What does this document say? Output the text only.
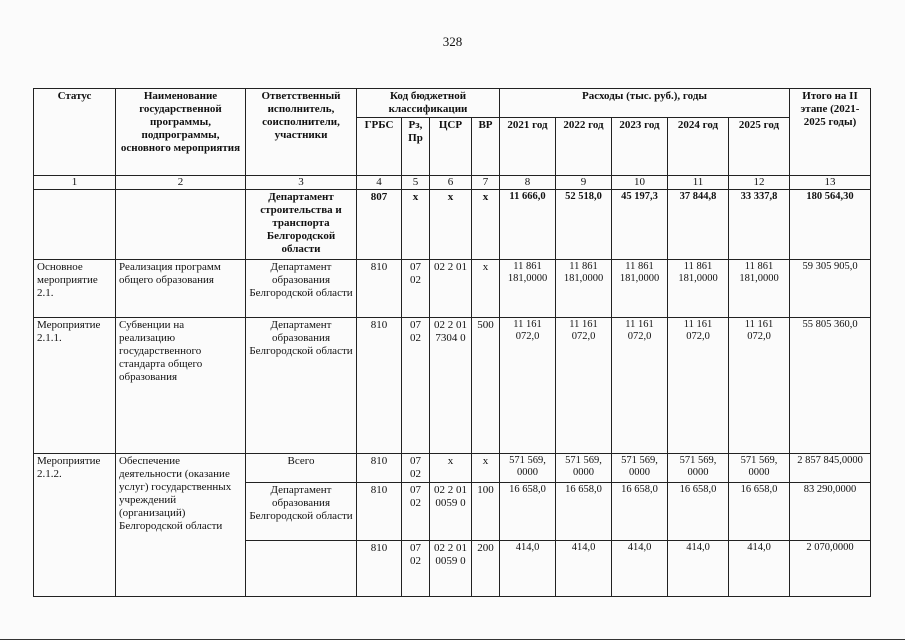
328
Статус	Наименование государственной программы, подпрограммы, основного мероприятия	Ответственный исполнитель, соисполнители, участники	Код бюджетной классификации				Расходы (тыс. руб.), годы					Итого на II этапе (2021-2025 годы)
			ГРБС	Рз, Пр	ЦСР	ВР	2021 год	2022 год	2023 год	2024 год	2025 год	
1	2	3	4	5	6	7	8	9	10	11	12	13
		Департамент строительства и транспорта Белгородской области	807	х	х	х	11 666,0	52 518,0	45 197,3	37 844,8	33 337,8	180 564,30
Основное мероприятие 2.1.	Реализация программ общего образования	Департамент образования Белгородской области	810	07 02	02 2 01	х	11 861 181,0000	11 861 181,0000	11 861 181,0000	11 861 181,0000	11 861 181,0000	59 305 905,0
Мероприятие 2.1.1.	Субвенции на реализацию государственного стандарта общего образования	Департамент образования Белгородской области	810	07 02	02 2 01 7304 0	500	11 161 072,0	11 161 072,0	11 161 072,0	11 161 072,0	11 161 072,0	55 805 360,0
Мероприятие 2.1.2.	Обеспечение деятельности (оказание услуг) государственных учреждений (организаций) Белгородской области	Всего	810	07 02	х	х	571 569, 0000	571 569, 0000	571 569, 0000	571 569, 0000	571 569, 0000	2 857 845,0000
		Департамент образования Белгородской области	810	07 02	02 2 01 0059 0	100	16 658,0	16 658,0	16 658,0	16 658,0	16 658,0	83 290,0000
			810	07 02	02 2 01 0059 0	200	414,0	414,0	414,0	414,0	414,0	2 070,0000
